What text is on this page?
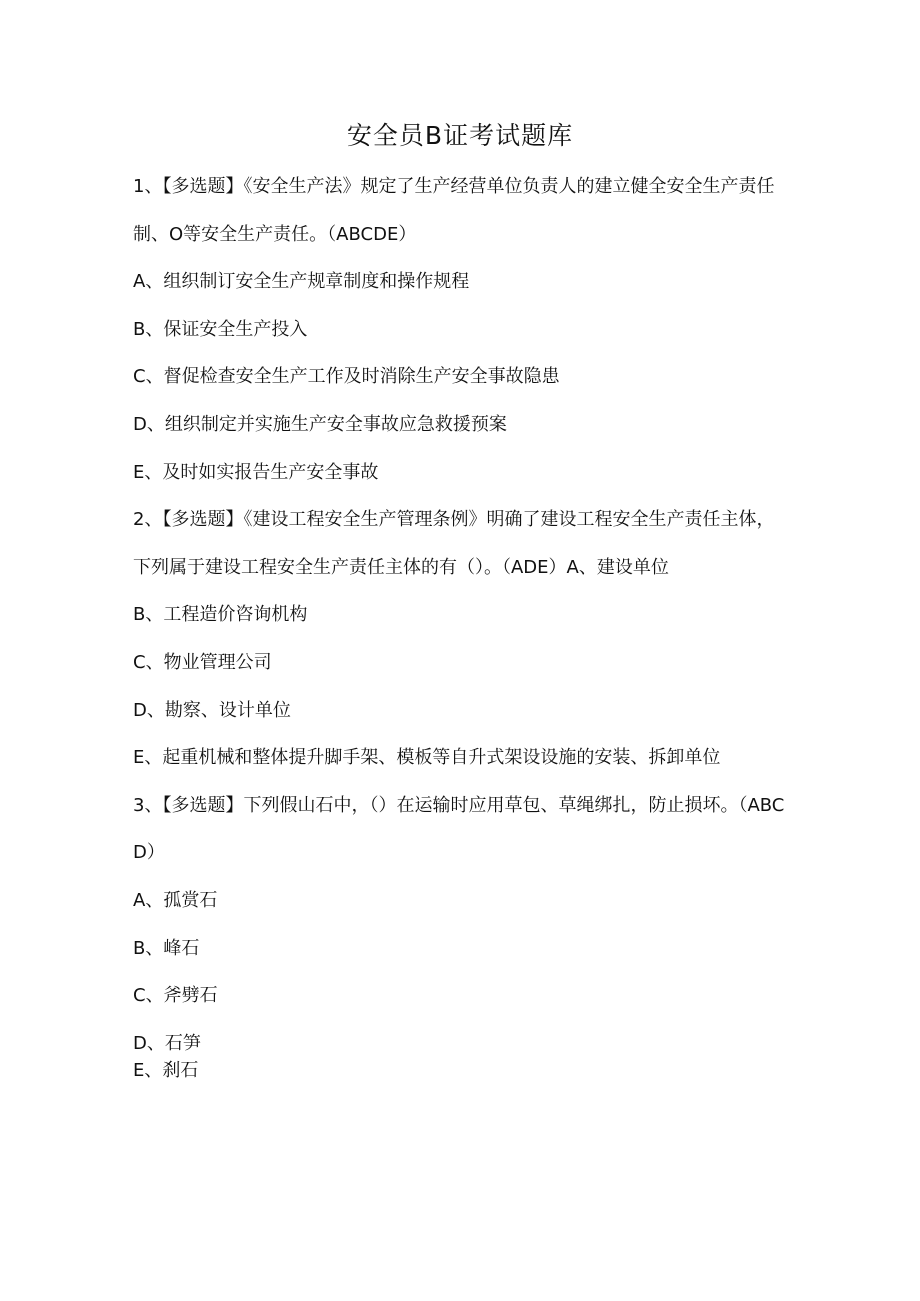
安全员B证考试题库

1、【多选题】《安全生产法》规定了生产经营单位负责人的建立健全安全生产责任制、O等安全生产责任。（ABCDE）

A、组织制订安全生产规章制度和操作规程

B、保证安全生产投入

C、督促检查安全生产工作及时消除生产安全事故隐患

D、组织制定并实施生产安全事故应急救援预案

E、及时如实报告生产安全事故

2、【多选题】《建设工程安全生产管理条例》明确了建设工程安全生产责任主体，下列属于建设工程安全生产责任主体的有（）。（ADE）A、建设单位

B、工程造价咨询机构

C、物业管理公司

D、勘察、设计单位

E、起重机械和整体提升脚手架、模板等自升式架设设施的安装、拆卸单位

3、【多选题】下列假山石中，（）在运输时应用草包、草绳绑扎，防止损坏。（ABCD）

A、孤赏石

B、峰石

C、斧劈石

D、石笋

E、刹石
